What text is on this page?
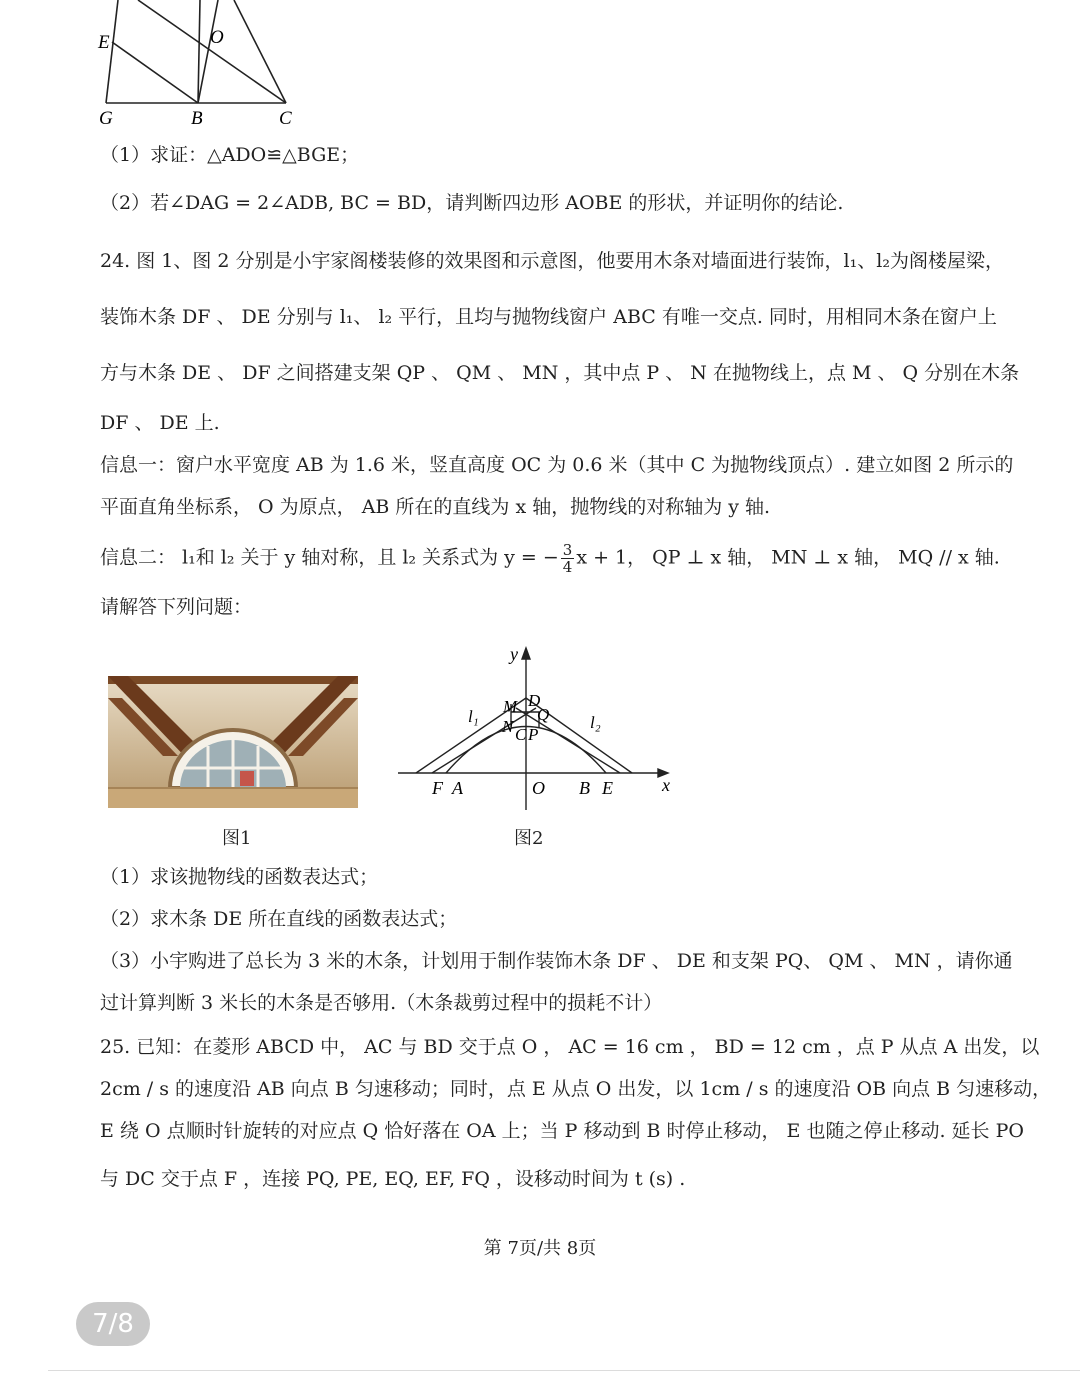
E	O
G	B	C
（1）求证：△ADO≌△BGE；
（2）若∠DAG = 2∠ADB, BC = BD，请判断四边形 AOBE 的形状，并证明你的结论.
24. 图 1、图 2 分别是小宇家阁楼装修的效果图和示意图，他要用木条对墙面进行装饰，l₁、l₂为阁楼屋梁，
装饰木条 DF 、 DE 分别与 l₁、 l₂ 平行，且均与抛物线窗户 ABC 有唯一交点. 同时，用相同木条在窗户上
方与木条 DE 、 DF 之间搭建支架 QP 、 QM 、 MN ，其中点 P 、 N 在抛物线上，点 M 、 Q 分别在木条
DF 、 DE 上.
信息一：窗户水平宽度 AB 为 1.6 米，竖直高度 OC 为 0.6 米（其中 C 为抛物线顶点）. 建立如图 2 所示的
平面直角坐标系， O 为原点， AB 所在的直线为 x 轴，抛物线的对称轴为 y 轴.
信息二： l₁和 l₂ 关于 y 轴对称，且 l₂ 关系式为 y = − $\frac{3}{4}$ x + 1， QP ⊥ x 轴， MN ⊥ x 轴， MQ // x 轴.
请解答下列问题：
图1
y
x
l₁	l₂
M D
Q
N C P
F A	O B E
图2
（1）求该抛物线的函数表达式；
（2）求木条 DE 所在直线的函数表达式；
（3）小宇购进了总长为 3 米的木条，计划用于制作装饰木条 DF 、 DE 和支架 PQ、 QM 、 MN ，请你通
过计算判断 3 米长的木条是否够用.（木条裁剪过程中的损耗不计）
25. 已知：在菱形 ABCD 中， AC 与 BD 交于点 O ， AC = 16 cm ， BD = 12 cm ，点 P 从点 A 出发，以
2cm / s 的速度沿 AB 向点 B 匀速移动；同时，点 E 从点 O 出发，以 1cm / s 的速度沿 OB 向点 B 匀速移动，
E 绕 O 点顺时针旋转的对应点 Q 恰好落在 OA 上；当 P 移动到 B 时停止移动， E 也随之停止移动. 延长 PO
与 DC 交于点 F ，连接 PQ, PE, EQ, EF, FQ ，设移动时间为 t (s) .
第 7页/共 8页
7/8
